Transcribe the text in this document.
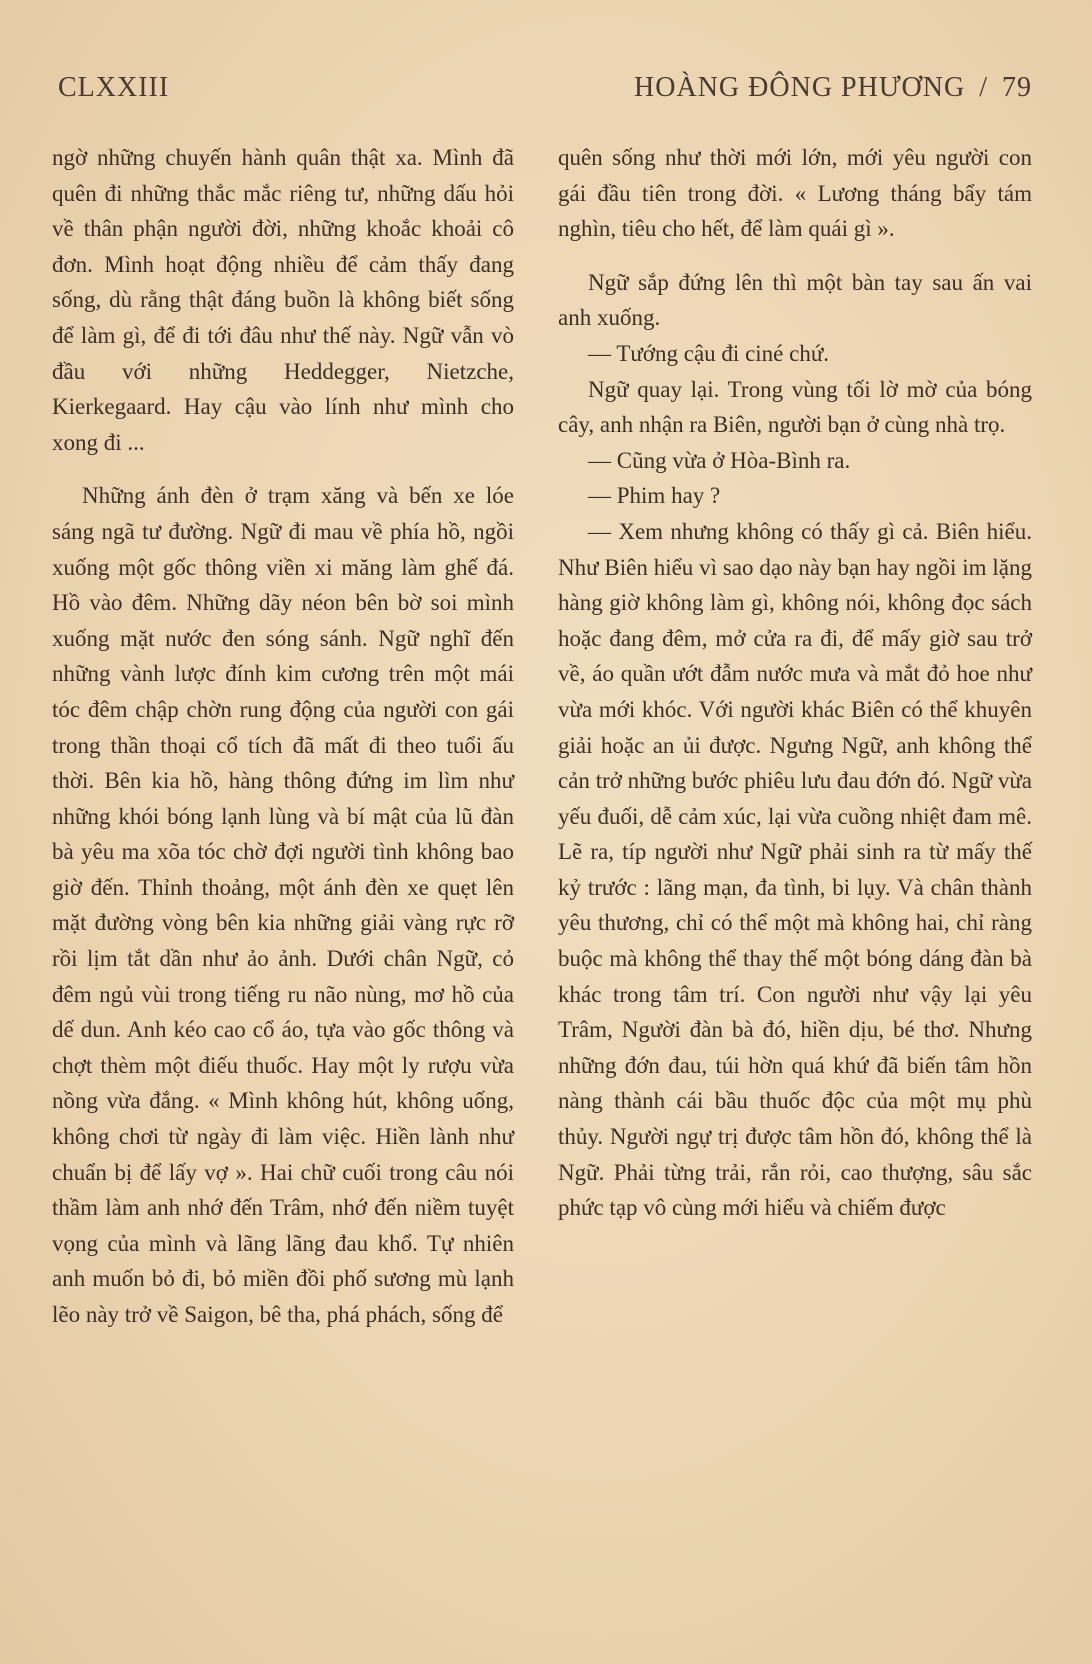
CLXXIII	HOÀNG ĐÔNG PHƯƠNG / 79

ngờ những chuyến hành quân thật xa. Mình đã quên đi những thắc mắc riêng tư, những dấu hỏi về thân phận người đời, những khoắc khoải cô đơn. Mình hoạt động nhiều để cảm thấy đang sống, dù rằng thật đáng buồn là không biết sống để làm gì, để đi tới đâu như thế này. Ngữ vẫn vò đầu với những Heddegger, Nietzche, Kierkegaard. Hay cậu vào lính như mình cho xong đi ...

Những ánh đèn ở trạm xăng và bến xe lóe sáng ngã tư đường. Ngữ đi mau về phía hồ, ngồi xuống một gốc thông viền xi măng làm ghế đá. Hồ vào đêm. Những dãy néon bên bờ soi mình xuống mặt nước đen sóng sánh. Ngữ nghĩ đến những vành lược đính kim cương trên một mái tóc đêm chập chờn rung động của người con gái trong thần thoại cổ tích đã mất đi theo tuổi ấu thời. Bên kia hồ, hàng thông đứng im lìm như những khói bóng lạnh lùng và bí mật của lũ đàn bà yêu ma xõa tóc chờ đợi người tình không bao giờ đến. Thỉnh thoảng, một ánh đèn xe quẹt lên mặt đường vòng bên kia những giải vàng rực rỡ rồi lịm tắt dần như ảo ảnh. Dưới chân Ngữ, cỏ đêm ngủ vùi trong tiếng ru não nùng, mơ hồ của dế dun. Anh kéo cao cổ áo, tựa vào gốc thông và chợt thèm một điếu thuốc. Hay một ly rượu vừa nồng vừa đắng. « Mình không hút, không uống, không chơi từ ngày đi làm việc. Hiền lành như chuẩn bị để lấy vợ ». Hai chữ cuối trong câu nói thầm làm anh nhớ đến Trâm, nhớ đến niềm tuyệt vọng của mình và lãng lãng đau khổ. Tự nhiên anh muốn bỏ đi, bỏ miền đồi phố sương mù lạnh lẽo này trở về Saigon, bê tha, phá phách, sống để

quên sống như thời mới lớn, mới yêu người con gái đầu tiên trong đời. « Lương tháng bẩy tám nghìn, tiêu cho hết, để làm quái gì ».

Ngữ sắp đứng lên thì một bàn tay sau ấn vai anh xuống.

— Tướng cậu đi ciné chứ.

Ngữ quay lại. Trong vùng tối lờ mờ của bóng cây, anh nhận ra Biên, người bạn ở cùng nhà trọ.

— Cũng vừa ở Hòa-Bình ra.

— Phim hay ?

— Xem nhưng không có thấy gì cả. Biên hiểu. Như Biên hiểu vì sao dạo này bạn hay ngồi im lặng hàng giờ không làm gì, không nói, không đọc sách hoặc đang đêm, mở cửa ra đi, để mấy giờ sau trở về, áo quần ướt đẫm nước mưa và mắt đỏ hoe như vừa mới khóc. Với người khác Biên có thể khuyên giải hoặc an ủi được. Ngưng Ngữ, anh không thể cản trở những bước phiêu lưu đau đớn đó. Ngữ vừa yếu đuối, dễ cảm xúc, lại vừa cuồng nhiệt đam mê. Lẽ ra, típ người như Ngữ phải sinh ra từ mấy thế kỷ trước : lãng mạn, đa tình, bi lụy. Và chân thành yêu thương, chỉ có thể một mà không hai, chỉ ràng buộc mà không thể thay thế một bóng dáng đàn bà khác trong tâm trí. Con người như vậy lại yêu Trâm, Người đàn bà đó, hiền dịu, bé thơ. Nhưng những đớn đau, túi hờn quá khứ đã biến tâm hồn nàng thành cái bầu thuốc độc của một mụ phù thủy. Người ngự trị được tâm hồn đó, không thể là Ngữ. Phải từng trải, rắn rỏi, cao thượng, sâu sắc phức tạp vô cùng mới hiểu và chiếm được
